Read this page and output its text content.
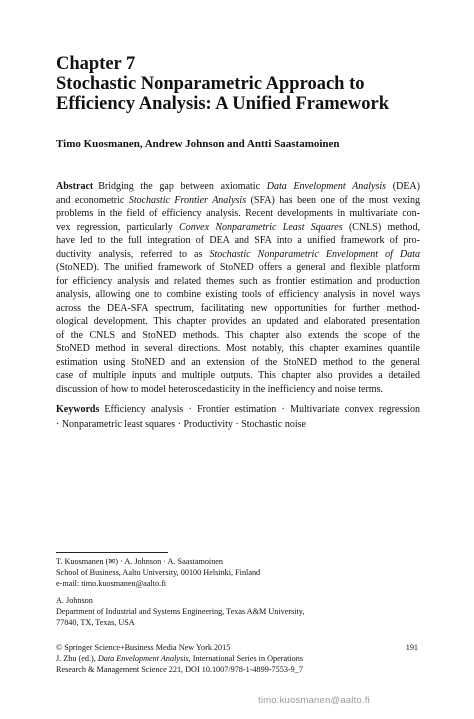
Chapter 7
Stochastic Nonparametric Approach to
Efficiency Analysis: A Unified Framework
Timo Kuosmanen, Andrew Johnson and Antti Saastamoinen
Abstract Bridging the gap between axiomatic Data Envelopment Analysis (DEA)
and econometric Stochastic Frontier Analysis (SFA) has been one of the most vexing
problems in the field of efficiency analysis. Recent developments in multivariate con-
vex regression, particularly Convex Nonparametric Least Squares (CNLS) method,
have led to the full integration of DEA and SFA into a unified framework of pro-
ductivity analysis, referred to as Stochastic Nonparametric Envelopment of Data
(StoNED). The unified framework of StoNED offers a general and flexible platform
for efficiency analysis and related themes such as frontier estimation and production
analysis, allowing one to combine existing tools of efficiency analysis in novel ways
across the DEA-SFA spectrum, facilitating new opportunities for further method-
ological development. This chapter provides an updated and elaborated presentation
of the CNLS and StoNED methods. This chapter also extends the scope of the
StoNED method in several directions. Most notably, this chapter examines quantile
estimation using StoNED and an extension of the StoNED method to the general
case of multiple inputs and multiple outputs. This chapter also provides a detailed
discussion of how to model heteroscedasticity in the inefficiency and noise terms.
Keywords Efficiency analysis · Frontier estimation · Multivariate convex regression
· Nonparametric least squares · Productivity · Stochastic noise
T. Kuosmanen (✉) · A. Johnson · A. Saastamoinen
School of Business, Aalto University, 00100 Helsinki, Finland
e-mail: timo.kuosmanen@aalto.fi
A. Johnson
Department of Industrial and Systems Engineering, Texas A&M University,
77840, TX, Texas, USA
© Springer Science+Business Media New York 2015
J. Zhu (ed.), Data Envelopment Analysis, International Series in Operations
Research & Management Science 221, DOI 10.1007/978-1-4899-7553-9_7
191
timo.kuosmanen@aalto.fi
